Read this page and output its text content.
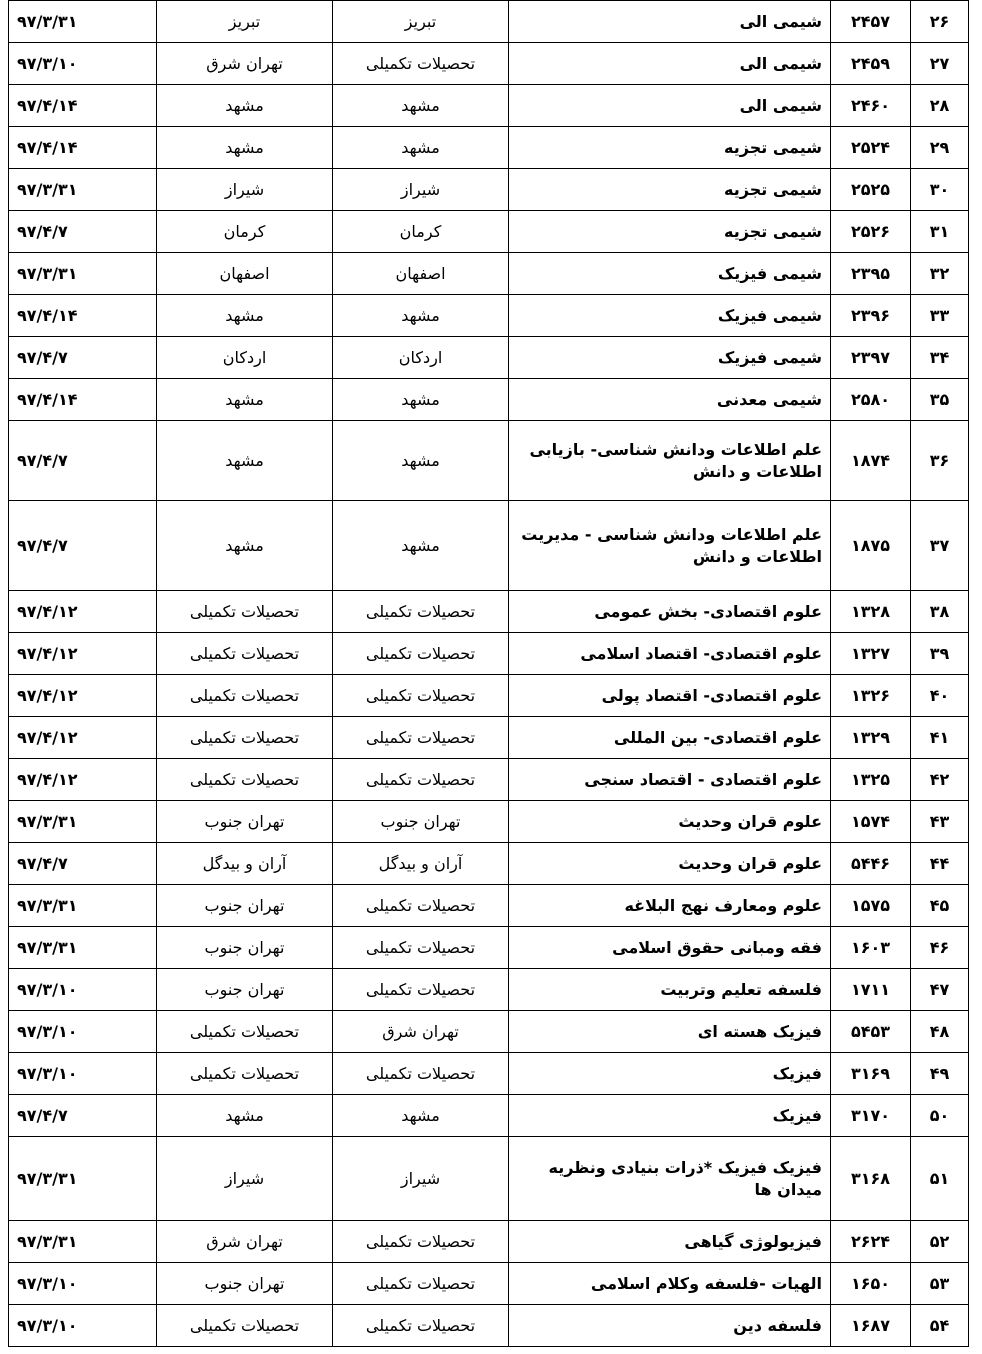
۲۶	۲۴۵۷	شیمی الی	تبریز	تبریز	۹۷/۳/۳۱
۲۷	۲۴۵۹	شیمی الی	تحصیلات تکمیلی	تهران شرق	۹۷/۳/۱۰
۲۸	۲۴۶۰	شیمی الی	مشهد	مشهد	۹۷/۴/۱۴
۲۹	۲۵۲۴	شیمی تجزیه	مشهد	مشهد	۹۷/۴/۱۴
۳۰	۲۵۲۵	شیمی تجزیه	شیراز	شیراز	۹۷/۳/۳۱
۳۱	۲۵۲۶	شیمی تجزیه	کرمان	کرمان	۹۷/۴/۷
۳۲	۲۳۹۵	شیمی فیزیک	اصفهان	اصفهان	۹۷/۳/۳۱
۳۳	۲۳۹۶	شیمی فیزیک	مشهد	مشهد	۹۷/۴/۱۴
۳۴	۲۳۹۷	شیمی فیزیک	اردکان	اردکان	۹۷/۴/۷
۳۵	۲۵۸۰	شیمی معدنی	مشهد	مشهد	۹۷/۴/۱۴
۳۶	۱۸۷۴	علم اطلاعات ودانش شناسی- بازیابی اطلاعات و دانش	مشهد	مشهد	۹۷/۴/۷
۳۷	۱۸۷۵	علم اطلاعات ودانش شناسی - مدیریت اطلاعات و دانش	مشهد	مشهد	۹۷/۴/۷
۳۸	۱۳۲۸	علوم اقتصادی- بخش عمومی	تحصیلات تکمیلی	تحصیلات تکمیلی	۹۷/۴/۱۲
۳۹	۱۳۲۷	علوم اقتصادی- اقتصاد اسلامی	تحصیلات تکمیلی	تحصیلات تکمیلی	۹۷/۴/۱۲
۴۰	۱۳۲۶	علوم اقتصادی- اقتصاد پولی	تحصیلات تکمیلی	تحصیلات تکمیلی	۹۷/۴/۱۲
۴۱	۱۳۲۹	علوم اقتصادی- بین المللی	تحصیلات تکمیلی	تحصیلات تکمیلی	۹۷/۴/۱۲
۴۲	۱۳۲۵	علوم اقتصادی - اقتصاد سنجی	تحصیلات تکمیلی	تحصیلات تکمیلی	۹۷/۴/۱۲
۴۳	۱۵۷۴	علوم قران وحدیث	تهران جنوب	تهران جنوب	۹۷/۳/۳۱
۴۴	۵۴۴۶	علوم قران وحدیث	آران و بیدگل	آران و بیدگل	۹۷/۴/۷
۴۵	۱۵۷۵	علوم ومعارف نهج البلاغه	تحصیلات تکمیلی	تهران جنوب	۹۷/۳/۳۱
۴۶	۱۶۰۳	فقه ومبانی حقوق اسلامی	تحصیلات تکمیلی	تهران جنوب	۹۷/۳/۳۱
۴۷	۱۷۱۱	فلسفه تعلیم وتربیت	تحصیلات تکمیلی	تهران جنوب	۹۷/۳/۱۰
۴۸	۵۴۵۳	فیزیک هسته ای	تهران شرق	تحصیلات تکمیلی	۹۷/۳/۱۰
۴۹	۳۱۶۹	فیزیک	تحصیلات تکمیلی	تحصیلات تکمیلی	۹۷/۳/۱۰
۵۰	۳۱۷۰	فیزیک	مشهد	مشهد	۹۷/۴/۷
۵۱	۳۱۶۸	فیزیک فیزیک *ذرات بنیادی ونظریه میدان ها	شیراز	شیراز	۹۷/۳/۳۱
۵۲	۲۶۲۴	فیزیولوژی گیاهی	تحصیلات تکمیلی	تهران شرق	۹۷/۳/۳۱
۵۳	۱۶۵۰	الهیات -فلسفه وکلام اسلامی	تحصیلات تکمیلی	تهران جنوب	۹۷/۳/۱۰
۵۴	۱۶۸۷	فلسفه دین	تحصیلات تکمیلی	تحصیلات تکمیلی	۹۷/۳/۱۰
